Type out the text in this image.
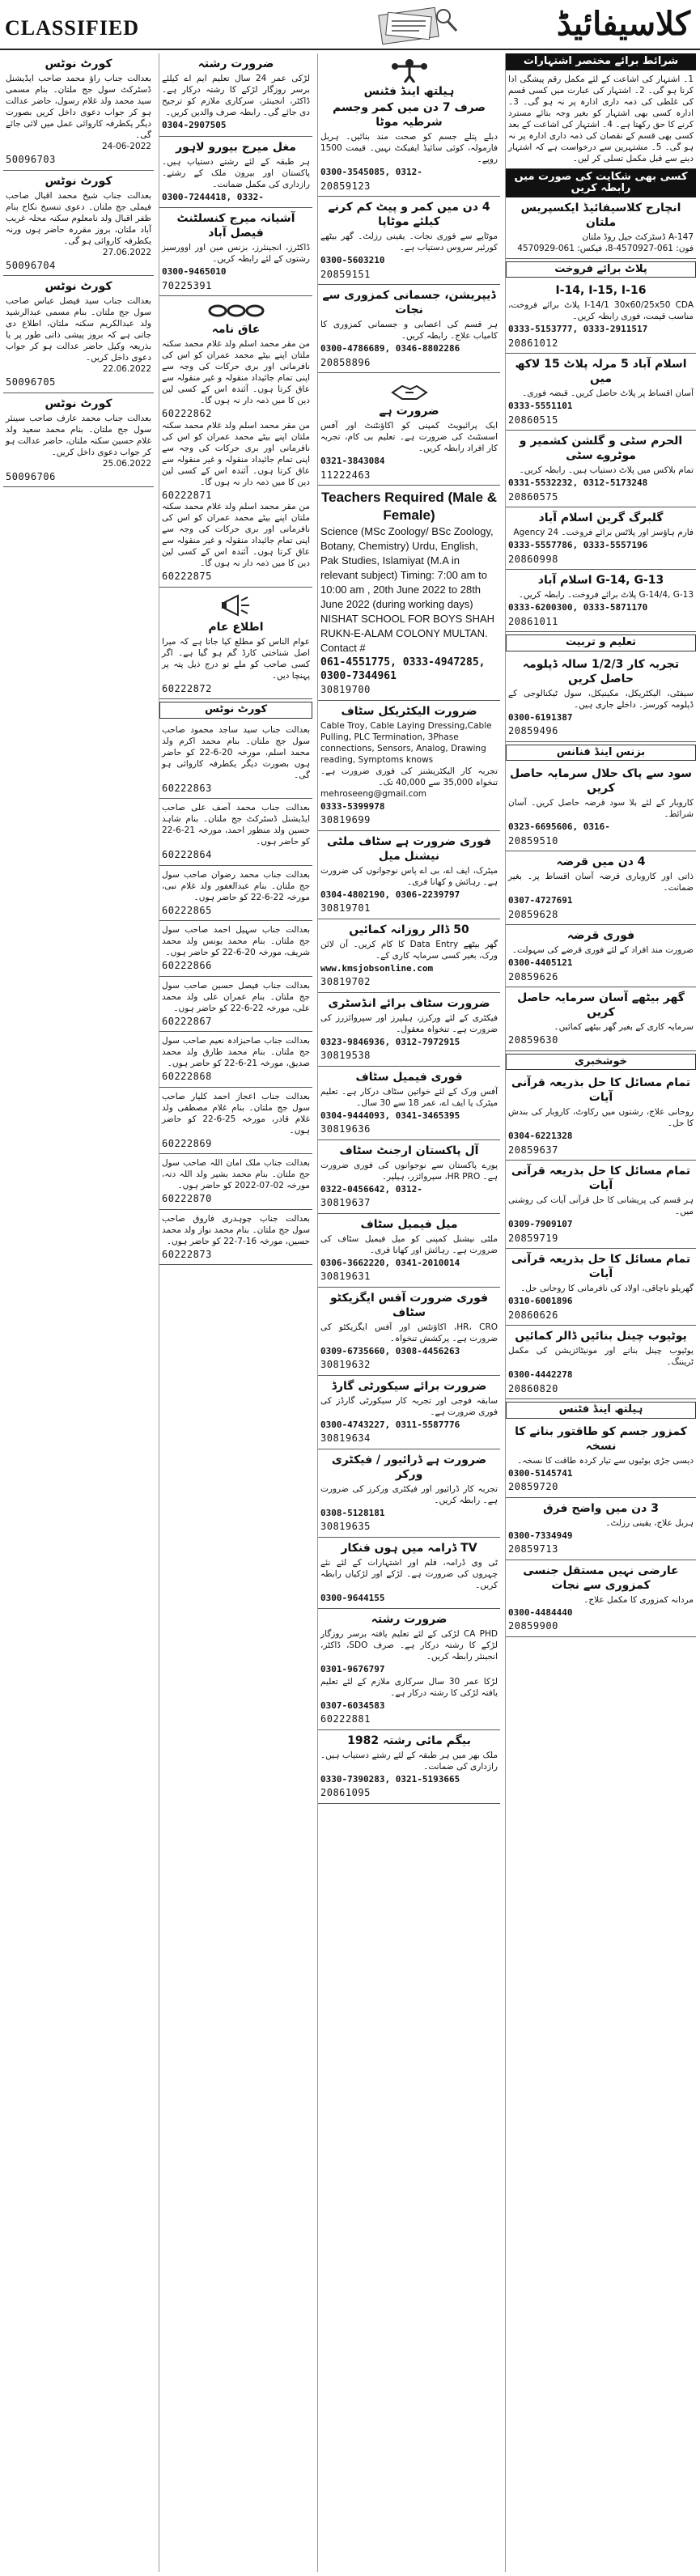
CLASSIFIED	کلاسیفائیڈ
کورٹ نوٹس
بعدالت جناب راؤ محمد صاحب ایڈیشنل ڈسٹرکٹ سول جج ملتان۔ بنام مسمی سید محمد ولد غلام رسول، حاضر عدالت ہو کر جواب دعوی داخل کریں بصورت دیگر یکطرفہ کاروائی عمل میں لائی جائے گی۔
24-06-2022
50096703
کورٹ نوٹس
بعدالت جناب شیخ محمد اقبال صاحب فیملی جج ملتان۔ دعوی تنسیخ نکاح بنام ظفر اقبال ولد نامعلوم سکنہ محلہ غریب آباد ملتان، بروز مقررہ حاضر ہوں ورنہ یکطرفہ کاروائی ہو گی۔
27.06.2022
50096704
کورٹ نوٹس
بعدالت جناب سید فیصل عباس صاحب سول جج ملتان۔ بنام مسمی عبدالرشید ولد عبدالکریم سکنہ ملتان، اطلاع دی جاتی ہے کہ بروز پیشی ذاتی طور پر یا بذریعہ وکیل حاضر عدالت ہو کر جواب دعوی داخل کریں۔
22.06.2022
50096705
کورٹ نوٹس
بعدالت جناب محمد عارف صاحب سینئر سول جج ملتان۔ بنام محمد سعید ولد غلام حسین سکنہ ملتان، حاضر عدالت ہو کر جواب دعوی داخل کریں۔
25.06.2022
50096706
ضرورت رشتہ
لڑکی عمر 24 سال تعلیم ایم اے کیلئے برسر روزگار لڑکے کا رشتہ درکار ہے۔ ڈاکٹر، انجینئر، سرکاری ملازم کو ترجیح دی جائے گی۔ رابطہ صرف والدین کریں۔
0304-2907505
مغل میرج بیورو لاہور
ہر طبقہ کے لئے رشتے دستیاب ہیں۔ پاکستان اور بیرون ملک کے رشتے۔ رازداری کی مکمل ضمانت۔
0300-7244418, 0332-
آشیانہ میرج کنسلٹنٹ فیصل آباد
ڈاکٹرز، انجینئرز، بزنس مین اور اوورسیز رشتوں کے لئے رابطہ کریں۔
0300-9465010
70225391
عاق نامہ
من مقر محمد اسلم ولد غلام محمد سکنہ ملتان اپنے بیٹے محمد عمران کو اس کی نافرمانی اور بری حرکات کی وجہ سے اپنی تمام جائیداد منقولہ و غیر منقولہ سے عاق کرتا ہوں۔ آئندہ اس کے کسی لین دین کا میں ذمہ دار نہ ہوں گا۔
60222862
من مقر محمد اسلم ولد غلام محمد سکنہ ملتان اپنے بیٹے محمد عمران کو اس کی نافرمانی اور بری حرکات کی وجہ سے اپنی تمام جائیداد منقولہ و غیر منقولہ سے عاق کرتا ہوں۔ آئندہ اس کے کسی لین دین کا میں ذمہ دار نہ ہوں گا۔
60222871
من مقر محمد اسلم ولد غلام محمد سکنہ ملتان اپنے بیٹے محمد عمران کو اس کی نافرمانی اور بری حرکات کی وجہ سے اپنی تمام جائیداد منقولہ و غیر منقولہ سے عاق کرتا ہوں۔ آئندہ اس کے کسی لین دین کا میں ذمہ دار نہ ہوں گا۔
60222875
اطلاع عام
عوام الناس کو مطلع کیا جاتا ہے کہ میرا اصل شناختی کارڈ گم ہو گیا ہے۔ اگر کسی صاحب کو ملے تو درج ذیل پتہ پر پہنچا دیں۔
60222872
کورٹ نوٹس
بعدالت جناب سید ساجد محمود صاحب سول جج ملتان۔ بنام محمد اکرم ولد محمد اسلم، مورخہ 20-6-22 کو حاضر ہوں بصورت دیگر یکطرفہ کاروائی ہو گی۔
60222863
بعدالت جناب محمد آصف علی صاحب ایڈیشنل ڈسٹرکٹ جج ملتان۔ بنام شاہد حسین ولد منظور احمد، مورخہ 21-6-22 کو حاضر ہوں۔
60222864
بعدالت جناب محمد رضوان صاحب سول جج ملتان۔ بنام عبدالغفور ولد غلام نبی، مورخہ 22-6-22 کو حاضر ہوں۔
60222865
بعدالت جناب سہیل احمد صاحب سول جج ملتان۔ بنام محمد یونس ولد محمد شریف، مورخہ 20-6-22 کو حاضر ہوں۔
60222866
بعدالت جناب فیصل حسین صاحب سول جج ملتان۔ بنام عمران علی ولد محمد علی، مورخہ 22-6-22 کو حاضر ہوں۔
60222867
بعدالت جناب صاحبزادہ نعیم صاحب سول جج ملتان۔ بنام محمد طارق ولد محمد صدیق، مورخہ 21-6-22 کو حاضر ہوں۔
60222868
بعدالت جناب اعجاز احمد کلیار صاحب سول جج ملتان۔ بنام غلام مصطفی ولد غلام قادر، مورخہ 25-6-22 کو حاضر ہوں۔
60222869
بعدالت جناب ملک امان اللہ صاحب سول جج ملتان۔ بنام محمد بشیر ولد اللہ دتہ، مورخہ 02-07-2022 کو حاضر ہوں۔
60222870
بعدالت جناب چوہدری فاروق صاحب سول جج ملتان۔ بنام محمد نواز ولد محمد حسین، مورخہ 16-7-22 کو حاضر ہوں۔
60222873
ہیلتھ اینڈ فٹنس
صرف 7 دن میں کمر وجسم شرطیہ موٹا
دبلے پتلے جسم کو صحت مند بنائیں۔ ہربل فارمولہ، کوئی سائیڈ ایفیکٹ نہیں۔ قیمت 1500 روپے۔
0300-3545085, 0312-
20859123
4 دن میں کمر و پیٹ کم کرنے کیلئے موٹاپا
موٹاپے سے فوری نجات۔ یقینی رزلٹ۔ گھر بیٹھے کورئیر سروس دستیاب ہے۔
0300-5603210
20859151
ڈیپریشن، جسمانی کمزوری سے نجات
ہر قسم کی اعصابی و جسمانی کمزوری کا کامیاب علاج۔ رابطہ کریں۔
0300-4786689, 0346-8802286
20858896
ضرورت ہے
ایک پرائیویٹ کمپنی کو اکاؤنٹنٹ اور آفس اسسٹنٹ کی ضرورت ہے۔ تعلیم بی کام، تجربہ کار افراد رابطہ کریں۔
0321-3843084
11222463
Teachers Required (Male & Female)
Science (MSc Zoology/ BSc Zoology, Botany, Chemistry) Urdu, English, Pak Studies, Islamiyat (M.A in relevant subject) Timing: 7:00 am to 10:00 am , 20th June 2022 to 28th June 2022 (during working days) NISHAT SCHOOL FOR BOYS SHAH RUKN-E-ALAM COLONY MULTAN. Contact #
061-4551775, 0333-4947285,
0300-7344961
30819700
ضرورت الیکٹریکل سٹاف
Cable Troy, Cable Laying Dressing,Cable Pulling, PLC Termination, 3Phase connections, Sensors, Analog, Drawing reading, Symptoms knows
تجربہ کار الیکٹریشنز کی فوری ضرورت ہے۔ تنخواہ 35,000 سے 40,000 تک۔
mehroseeng@gmail.com
0333-5399978
30819699
فوری ضرورت ہے سٹاف ملٹی نیشنل میل
میٹرک، ایف اے، بی اے پاس نوجوانوں کی ضرورت ہے۔ رہائش و کھانا فری۔
0304-4802190, 0306-2239797
30819701
50 ڈالر روزانہ کمائیں
گھر بیٹھے Data Entry کا کام کریں۔ آن لائن ورک، بغیر کسی سرمایہ کاری کے۔
www.kmsjobsonline.com
30819702
ضرورت سٹاف برائے انڈسٹری
فیکٹری کے لئے ورکرز، ہیلپرز اور سپروائزرز کی ضرورت ہے۔ تنخواہ معقول۔
0323-9846936, 0312-7972915
30819538
فوری فیمیل سٹاف
آفس ورک کے لئے خواتین سٹاف درکار ہے۔ تعلیم میٹرک یا ایف اے، عمر 18 سے 30 سال۔
0304-9444093, 0341-3465395
30819636
آل پاکستان ارجنٹ سٹاف
پورے پاکستان سے نوجوانوں کی فوری ضرورت ہے۔ HR PRO، سپروائزر، ہیلپر۔
0322-0456642, 0312-
30819637
میل فیمیل سٹاف
ملٹی نیشنل کمپنی کو میل فیمیل سٹاف کی ضرورت ہے۔ رہائش اور کھانا فری۔
0306-3662220, 0341-2010014
30819631
فوری ضرورت آفس ایگزیکٹو سٹاف
HR، CRO، اکاؤنٹس اور آفس ایگزیکٹو کی ضرورت ہے۔ پرکشش تنخواہ۔
0309-6735660, 0308-4456263
30819632
ضرورت برائے سیکورٹی گارڈ
سابقہ فوجی اور تجربہ کار سیکورٹی گارڈز کی فوری ضرورت ہے۔
0300-4743227, 0311-5587776
30819634
ضرورت ہے ڈرائیور / فیکٹری ورکر
تجربہ کار ڈرائیور اور فیکٹری ورکرز کی ضرورت ہے۔ رابطہ کریں۔
0308-5128181
30819635
TV ڈرامہ میں ہوں فنکار
ٹی وی ڈرامہ، فلم اور اشتہارات کے لئے نئے چہروں کی ضرورت ہے۔ لڑکے اور لڑکیاں رابطہ کریں۔
0300-9644155
ضرورت رشتہ
CA PHD لڑکی کے لئے تعلیم یافتہ برسر روزگار لڑکے کا رشتہ درکار ہے۔ صرف SDO، ڈاکٹر، انجینئر رابطہ کریں۔
0301-9676797
لڑکا عمر 30 سال سرکاری ملازم کے لئے تعلیم یافتہ لڑکی کا رشتہ درکار ہے۔
0307-6034583
60222881
بیگم مائی رشتہ 1982
ملک بھر میں ہر طبقہ کے لئے رشتے دستیاب ہیں۔ رازداری کی ضمانت۔
0330-7390283, 0321-5193665
20861095
شرائط برائے مختصر اشتہارات
1۔ اشتہار کی اشاعت کے لئے مکمل رقم پیشگی ادا کرنا ہو گی۔ 2۔ اشتہار کی عبارت میں کسی قسم کی غلطی کی ذمہ داری ادارہ پر نہ ہو گی۔ 3۔ ادارہ کسی بھی اشتہار کو بغیر وجہ بتائے مسترد کرنے کا حق رکھتا ہے۔ 4۔ اشتہار کی اشاعت کے بعد کسی بھی قسم کے نقصان کی ذمہ داری ادارہ پر نہ ہو گی۔ 5۔ مشتہرین سے درخواست ہے کہ اشتہار دینے سے قبل مکمل تسلی کر لیں۔
کسی بھی شکایت کی صورت میں رابطہ کریں
انچارج کلاسیفائیڈ ایکسپریس ملتان
147-A ڈسٹرکٹ جیل روڈ ملتان
فون: 061-4570927-8، فیکس: 061-4570929
پلاٹ برائے فروخت
I-14, I-15, I-16
I-14/1 30x60/25x50 CDA پلاٹ برائے فروخت، مناسب قیمت، فوری رابطہ کریں۔
0333-5153777, 0333-2911517
20861012
اسلام آباد 5 مرلہ پلاٹ 15 لاکھ میں
آسان اقساط پر پلاٹ حاصل کریں۔ قبضہ فوری۔
0333-5551101
20860515
الحرم سٹی و گلشن کشمیر و موٹروے سٹی
تمام بلاکس میں پلاٹ دستیاب ہیں۔ رابطہ کریں۔
0331-5532232, 0312-5173248
20860575
گلبرگ گرین اسلام آباد
فارم ہاؤسز اور پلاٹس برائے فروخت۔ Agency 24
0333-5557786, 0333-5557196
20860998
G-14, G-13 اسلام آباد
G-14/4, G-13 پلاٹ برائے فروخت۔ رابطہ کریں۔
0333-6200300, 0333-5871170
20861011
تعلیم و تربیت
تجربہ کار 1/2/3 سالہ ڈپلومہ حاصل کریں
سیفٹی، الیکٹریکل، مکینیکل، سول ٹیکنالوجی کے ڈپلومہ کورسز۔ داخلے جاری ہیں۔
0300-6191387
20859496
بزنس اینڈ فنانس
سود سے پاک حلال سرمایہ حاصل کریں
کاروبار کے لئے بلا سود قرضہ حاصل کریں۔ آسان شرائط۔
0323-6695606, 0316-
20859510
4 دن میں قرضہ
ذاتی اور کاروباری قرضہ آسان اقساط پر۔ بغیر ضمانت۔
0307-4727691
20859628
فوری قرضہ
ضرورت مند افراد کے لئے فوری قرضے کی سہولت۔
0300-4405121
20859626
گھر بیٹھے آسان سرمایہ حاصل کریں
سرمایہ کاری کے بغیر گھر بیٹھے کمائیں۔
20859630
خوشخبری
تمام مسائل کا حل بذریعہ قرآنی آیات
روحانی علاج، رشتوں میں رکاوٹ، کاروبار کی بندش کا حل۔
0304-6221328
20859637
تمام مسائل کا حل بذریعہ قرآنی آیات
ہر قسم کی پریشانی کا حل قرآنی آیات کی روشنی میں۔
0309-7909107
20859719
تمام مسائل کا حل بذریعہ قرآنی آیات
گھریلو ناچاقی، اولاد کی نافرمانی کا روحانی حل۔
0310-6001896
20860626
یوٹیوب چینل بنائیں ڈالر کمائیں
یوٹیوب چینل بنانے اور مونیٹائزیشن کی مکمل ٹریننگ۔
0300-4442278
20860820
ہیلتھ اینڈ فٹنس
کمزور جسم کو طاقتور بنانے کا نسخہ
دیسی جڑی بوٹیوں سے تیار کردہ طاقت کا نسخہ۔
0300-5145741
20859720
3 دن میں واضح فرق
ہربل علاج، یقینی رزلٹ۔
0300-7334949
20859713
عارضی نہیں مستقل جنسی کمزوری سے نجات
مردانہ کمزوری کا مکمل علاج۔
0300-4484440
20859900
